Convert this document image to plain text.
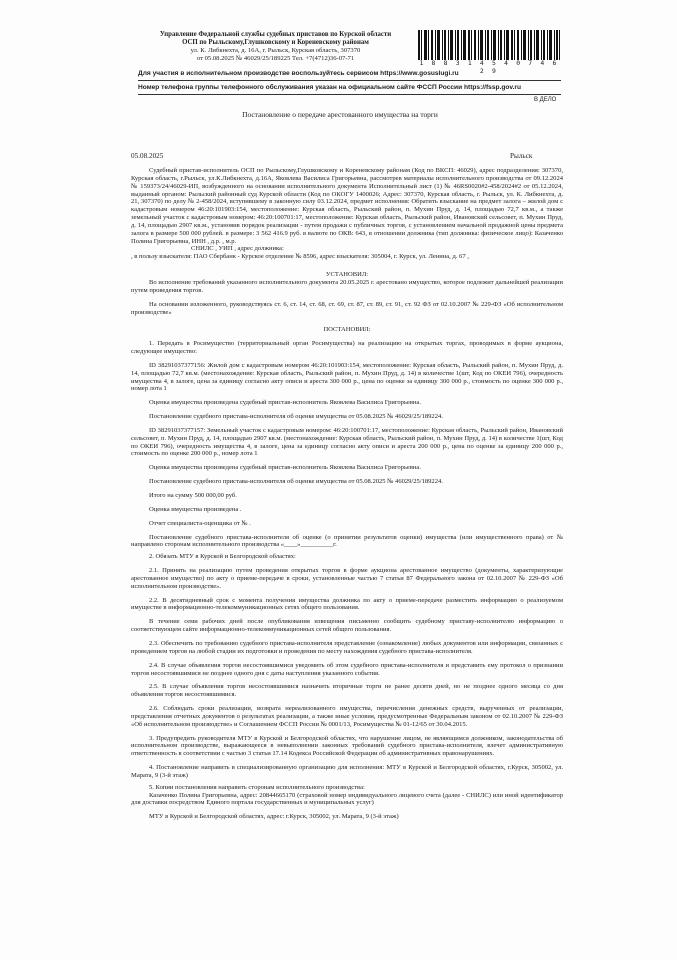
Управление Федеральной службы судебных приставов по Курской области
ОСП по Рыльскому,Глушковскому и Кореневскому районам
ул. К. Либкнехта, д. 16А, г. Рыльск, Курская область, 307370
от 05.08.2025 № 46029/25/189225 Тел. +7(4712)36-07-71
1 8 8 3 1 4 5 4 0 7 4 6 2 9
Для участия в исполнительном производстве воспользуйтесь сервисом https://www.gosuslugi.ru
Номер телефона группы телефонного обслуживания указан на официальном сайте ФССП России https://fssp.gov.ru
В ДЕЛО
Постановление о передаче арестованного имущества на торги
05.08.2025	Рыльск

Судебный пристав-исполнитель ОСП по Рыльскому,Глушковскому и Кореневскому районам (Код по ВКСП: 46029), адрес подразделения: 307370, Курская область, г.Рыльск, ул.К.Либкнехта, д.16А, Яковлева Василиса Григорьевна, рассмотрев материалы исполнительного производства от 09.12.2024 № 159373/24/46029-ИП, возбужденного на основании исполнительного документа Исполнительный лист (1) № 46RS0020#2-458/2024#2 от 05.12.2024, выданный органом: Рыльский районный суд Курской области (Код по ОКОГУ 1400026; Адрес: 307370, Курская область, г. Рыльск, ул. К. Либкнехта, д. 21, 307370) по делу № 2-458/2024, вступившему в законную силу 03.12.2024, предмет исполнения: Обратить взыскание на предмет залога – жилой дом с кадастровым номером 46:20:101903:154, местоположение: Курская область, Рыльский район, п. Мухин Пруд, д. 14, площадью 72,7 кв.м., а также земельный участок с кадастровым номером: 46:20:100701:17, местоположение: Курская область, Рыльский район, Ивановский сельсовет, п. Мухин Пруд, д. 14, площадью 2907 кв.м., установив порядок реализации - путем продажи с публичных торгов, с установлением начальной продажной цены предмета залога в размере 500 000 рублей. в размере: 3 562 416.9 руб. в валюте по ОКВ: 643, в отношении должника (тип должника: физическое лицо): Казаченко Полина Григорьевна, ИНН , д.р. , м.р.

СНИЛС , УИП , адрес должника:

, в пользу взыскателя: ПАО Сбербанк - Курское отделение № 8596, адрес взыскателя: 305004, г. Курск, ул. Ленина, д. 67 ,

УСТАНОВИЛ:

Во исполнение требований указанного исполнительного документа 20.05.2025 г. арестовано имущество, которое подлежит дальнейшей реализации путем проведения торгов.

На основании изложенного, руководствуясь ст. 6, ст. 14, ст. 68, ст. 69, ст. 87, ст. 89, ст. 91, ст. 92 ФЗ от 02.10.2007 № 229-ФЗ «Об исполнительном производстве»

ПОСТАНОВИЛ:

1. Передать в Росимущество (территориальный орган Росимущества) на реализацию на открытых торгах, проводимых в форме аукциона, следующее имущество:

ID 38291037377156: Жилой дом с кадастровым номером 46:20:101903:154, местоположение: Курская область, Рыльский район, п. Мухин Пруд, д. 14, площадью 72,7 кв.м. (местонахождение: Курская область, Рыльский район, п. Мухин Пруд, д. 14) в количестве 1(шт, Код по ОКЕИ 796), очередность имущества 4, в залоге, цена за единицу согласно акту описи и ареста 300 000 р., цена по оценке за единицу 300 000 р., стоимость по оценке 300 000 р., номер лота 1

Оценка имущества произведена судебный пристав-исполнитель Яковлева Василиса Григорьевна.

Постановление судебного пристава-исполнителя об оценке имущества от 05.08.2025 № 46029/25/189224.

ID 38291037377157: Земельный участок с кадастровым номером: 46:20:100701:17, местоположение: Курская область, Рыльский район, Ивановский сельсовет, п. Мухин Пруд, д. 14, площадью 2907 кв.м. (местонахождение: Курская область, Рыльский район, п. Мухин Пруд, д. 14) в количестве 1(шт, Код по ОКЕИ 796), очередность имущества 4, в залоге, цена за единицу согласно акту описи и ареста 200 000 р., цена по оценке за единицу 200 000 р., стоимость по оценке 200 000 р., номер лота 1

Оценка имущества произведена судебный пристав-исполнитель Яковлева Василиса Григорьевна.

Постановление судебного пристава-исполнителя об оценке имущества от 05.08.2025 № 46029/25/189224.

Итого на сумму 500 000,00 руб.

Оценка имущества произведена .

Отчет специалиста-оценщика от № .

Постановление судебного пристава-исполнителя об оценке (о принятии результатов оценки) имущества (или имущественного права) от № направлено сторонам исполнительного производства «____»__________г.

2. Обязать МТУ в Курской и Белгородской областях:

2.1. Принять на реализацию путем проведения открытых торгов в форме аукциона арестованное имущество (документы, характеризующие арестованное имущество) по акту о приеме-передаче в сроки, установленные частью 7 статьи 87 Федерального закона от 02.10.2007 № 229-ФЗ «Об исполнительном производстве».

2.2. В десятидневный срок с момента получения имущества должника по акту о приеме-передаче разместить информацию о реализуемом имуществе в информационно-телекоммуникационных сетях общего пользования.

В течение семи рабочих дней после опубликования извещения письменно сообщить судебному приставу-исполнителю информацию о соответствующем сайте информационно-телекоммуникационных сетей общего пользования.

2.3. Обеспечить по требованию судебного пристава-исполнителя представление (ознакомление) любых документов или информации, связанных с проведением торгов на любой стадии их подготовки и проведения по месту нахождения судебного пристава-исполнителя.

2.4. В случае объявления торгов несостоявшимися уведомить об этом судебного пристава-исполнителя и представить ему протокол о признании торгов несостоявшимися не позднее одного дня с даты наступления указанного события.

2.5. В случае объявления торгов несостоявшимися назначить вторичные торги не ранее десяти дней, но не позднее одного месяца со дня объявления торгов несостоявшимися.

2.6. Соблюдать сроки реализации, возврата нереализованного имущества, перечисления денежных средств, вырученных от реализации, представления отчетных документов о результатах реализации, а также иные условия, предусмотренные Федеральным законом от 02.10.2007 № 229-ФЗ «Об исполнительном производстве» и Соглашением ФССП России № 0001/13, Росимущества № 01-12/65 от 30.04.2015.

3. Предупредить руководителя МТУ в Курской и Белгородской областях, что нарушение лицом, не являющимся должником, законодательства об исполнительном производстве, выражающееся в невыполнении законных требований судебного пристава-исполнителя, влечет административную ответственность в соответствии с частью 3 статьи 17.14 Кодекса Российской Федерации об административных правонарушениях.

4. Постановление направить в специализированную организацию для исполнения: МТУ в Курской и Белгородской областях, г.Курск, 305002, ул. Марата, 9 (3-й этаж)

5. Копии постановления направить сторонам исполнительного производства:

Казаченко Полина Григорьевна, адрес: 20844665170 (страховой номер индивидуального лицевого счета (далее - СНИЛС) или иной идентификатор для доставки посредством Единого портала государственных и муниципальных услуг)

МТУ в Курской и Белгородской областях, адрес: г.Курск, 305002, ул. Марата, 9 (3-й этаж)
